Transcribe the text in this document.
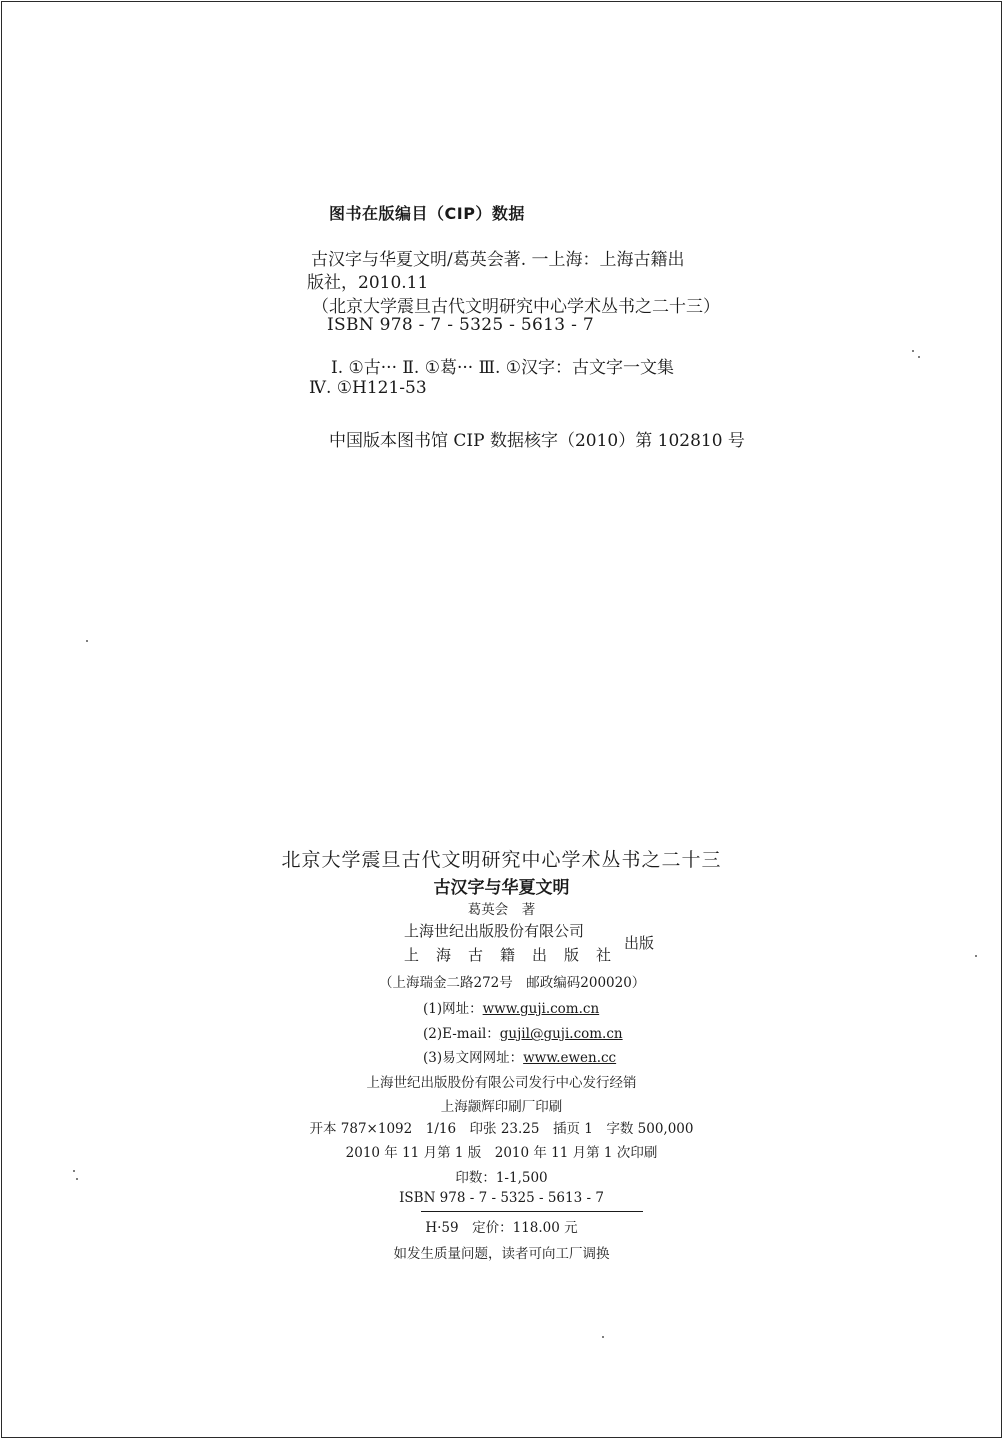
图书在版编目（CIP）数据
古汉字与华夏文明/葛英会著. 一上海：上海古籍出
版社，2010.11
（北京大学震旦古代文明研究中心学术丛书之二十三）
ISBN 978 - 7 - 5325 - 5613 - 7
Ⅰ. ①古··· Ⅱ. ①葛··· Ⅲ. ①汉字：古文字一文集
Ⅳ. ①H121-53
中国版本图书馆 CIP 数据核字（2010）第 102810 号
北京大学震旦古代文明研究中心学术丛书之二十三
古汉字与华夏文明
葛英会　著
上海世纪出版股份有限公司
上海古籍出版社
出版
（上海瑞金二路272号　邮政编码200020）
(1)网址：www.guji.com.cn
(2)E-mail：gujil@guji.com.cn
(3)易文网网址：www.ewen.cc
上海世纪出版股份有限公司发行中心发行经销
上海颛辉印刷厂印刷
开本 787×1092　1/16　印张 23.25　插页 1　字数 500,000
2010 年 11 月第 1 版　2010 年 11 月第 1 次印刷
印数：1-1,500
ISBN 978 - 7 - 5325 - 5613 - 7
H·59　定价：118.00 元
如发生质量问题，读者可向工厂调换
